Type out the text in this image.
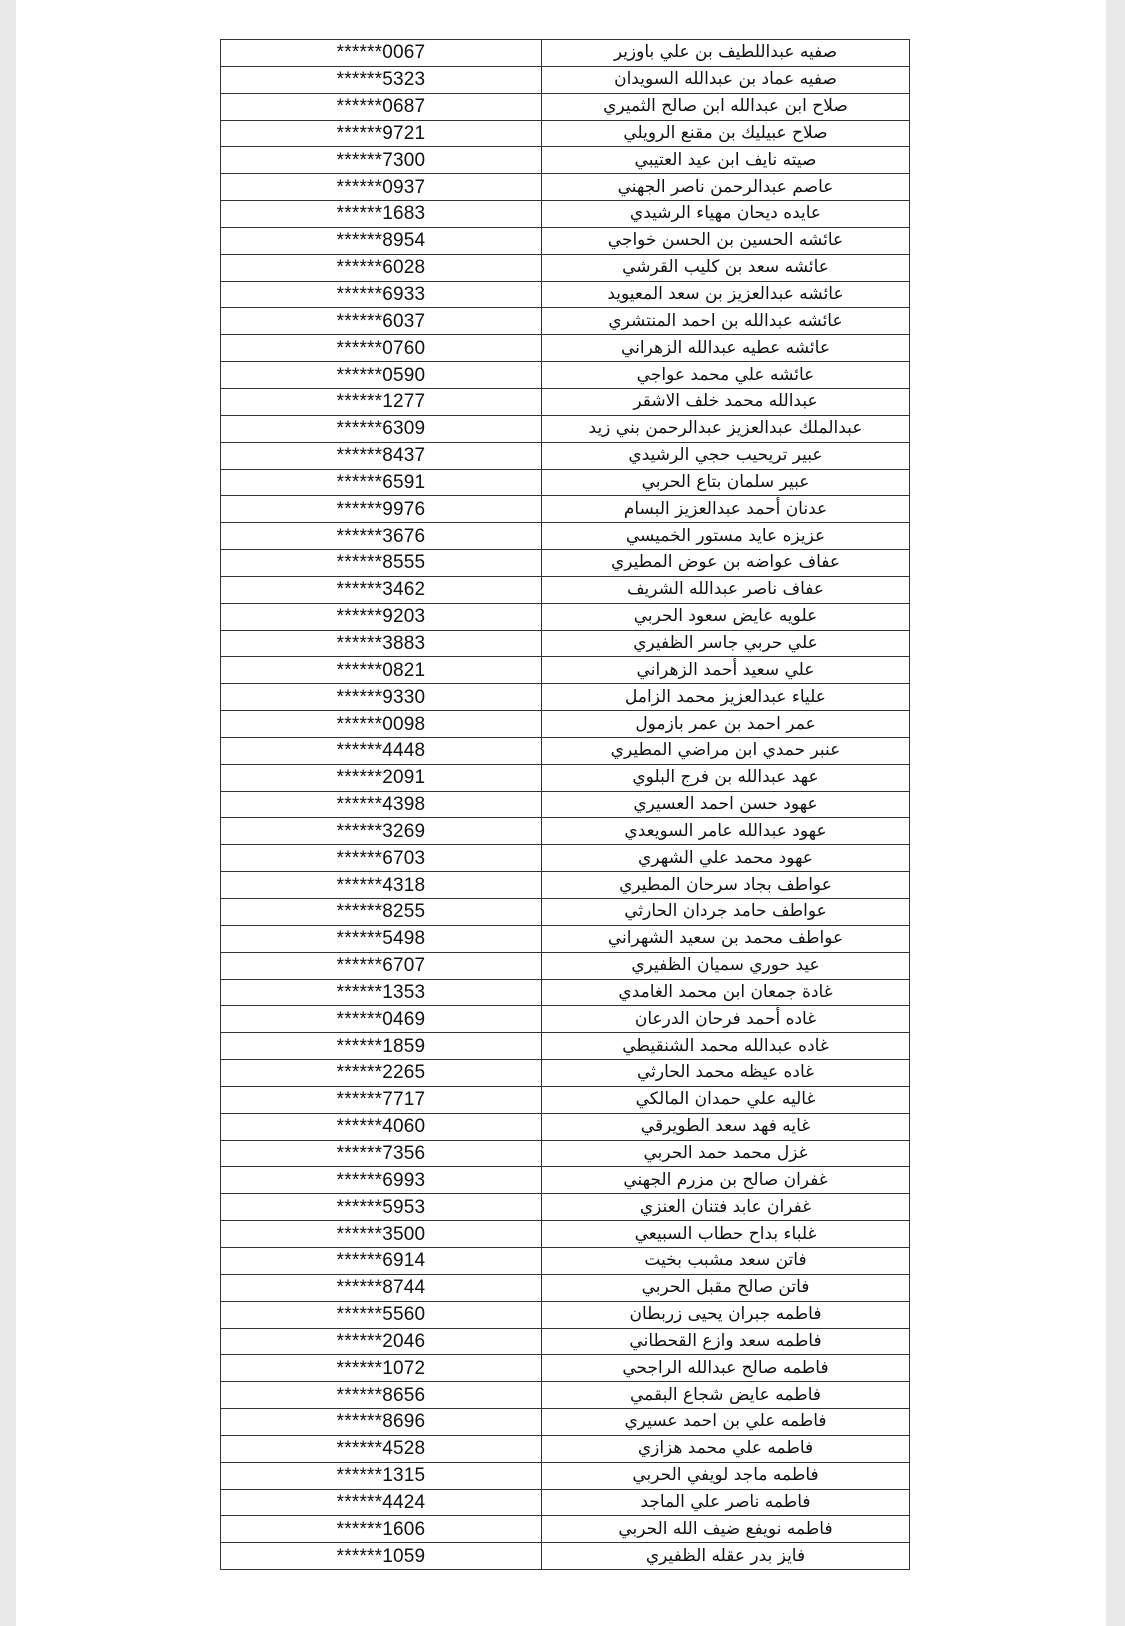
******0067	صفيه عبداللطيف بن علي باوزير
******5323	صفيه عماد بن عبدالله السويدان
******0687	صلاح ابن عبدالله ابن صالح الثميري
******9721	صلاح عبيليك بن مقنع الرويلي
******7300	صيته نايف ابن عيد العتيبي
******0937	عاصم عبدالرحمن ناصر الجهني
******1683	عايده ديحان مهياء الرشيدي
******8954	عائشه الحسين بن الحسن خواجي
******6028	عائشه سعد بن كليب القرشي
******6933	عائشه عبدالعزيز بن سعد المعيويد
******6037	عائشه عبدالله بن احمد المنتشري
******0760	عائشه عطيه عبدالله الزهراني
******0590	عائشه علي محمد عواجي
******1277	عبدالله محمد خلف الاشقر
******6309	عبدالملك عبدالعزيز عبدالرحمن بني زيد
******8437	عبير تريحيب حجي الرشيدي
******6591	عبير سلمان بتاع الحربي
******9976	عدنان أحمد عبدالعزيز البسام
******3676	عزيزه عايد مستور الخميسي
******8555	عفاف عواضه بن عوض المطيري
******3462	عفاف ناصر عبدالله الشريف
******9203	علويه عايض سعود الحربي
******3883	علي حربي جاسر الظفيري
******0821	علي سعيد أحمد الزهراني
******9330	علياء عبدالعزيز محمد الزامل
******0098	عمر احمد بن عمر بازمول
******4448	عنبر حمدي ابن مراضي المطيري
******2091	عهد عبدالله بن فرج البلوي
******4398	عهود حسن احمد العسيري
******3269	عهود عبدالله عامر السويعدي
******6703	عهود محمد علي الشهري
******4318	عواطف بجاد سرحان المطيري
******8255	عواطف حامد جردان الحارثي
******5498	عواطف محمد بن سعيد الشهراني
******6707	عيد حوري سميان الظفيري
******1353	غادة جمعان ابن محمد الغامدي
******0469	غاده أحمد فرحان الدرعان
******1859	غاده عبدالله محمد الشنقيطي
******2265	غاده عيظه محمد الحارثي
******7717	غاليه علي حمدان المالكي
******4060	غايه فهد سعد الطويرقي
******7356	غزل محمد حمد الحربي
******6993	غفران صالح بن مزرم الجهني
******5953	غفران عابد فتنان العنزي
******3500	غلباء بداح حطاب السبيعي
******6914	فاتن سعد مشبب بخيت
******8744	فاتن صالح مقبل الحربي
******5560	فاطمه جبران يحيى زربطان
******2046	فاطمه سعد وازع القحطاني
******1072	فاطمه صالح عبدالله الراجحي
******8656	فاطمه عايض شجاع البقمي
******8696	فاطمه علي بن احمد عسيري
******4528	فاطمه علي محمد هزازي
******1315	فاطمه ماجد لويفي الحربي
******4424	فاطمه ناصر علي الماجد
******1606	فاطمه نويفع ضيف الله الحربي
******1059	فايز بدر عقله الظفيري
